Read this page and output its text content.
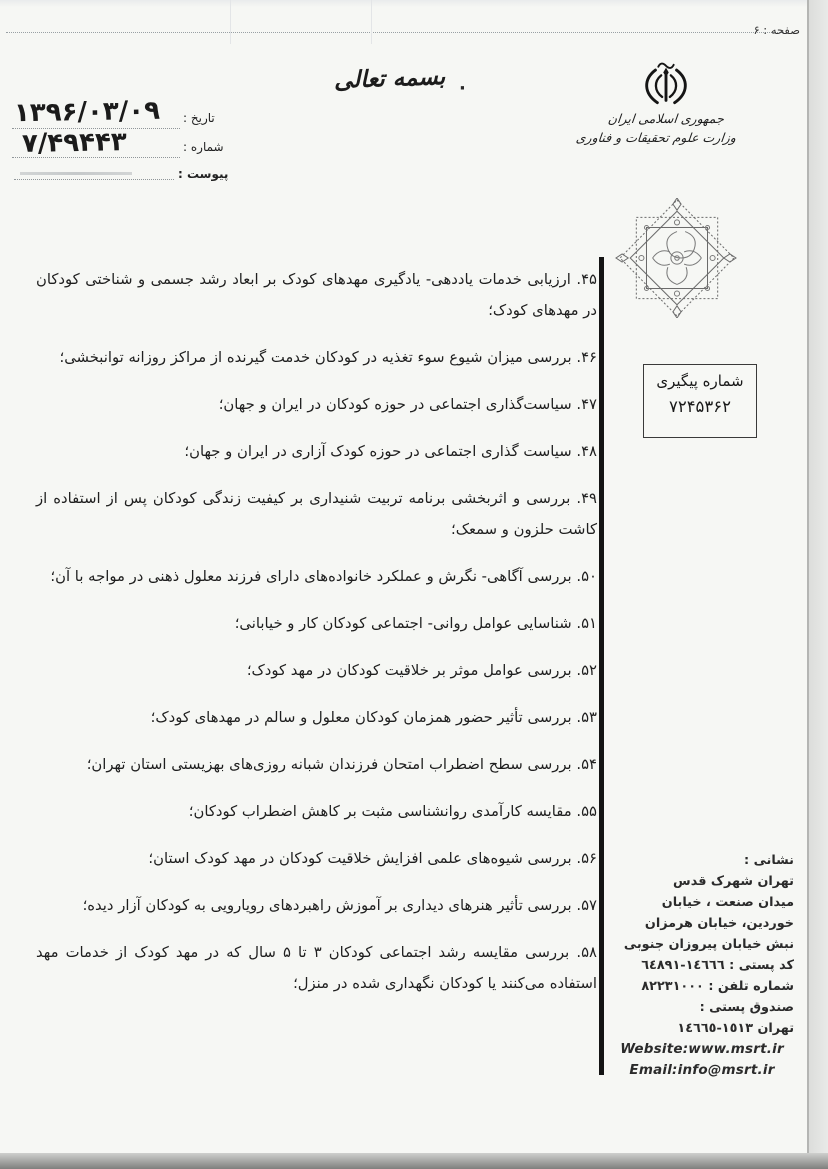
صفحه : ۶
بسمه تعالی ·
جمهوری اسلامی ایران
وزارت علوم تحقیقات و فناوری
تاریخ :
۱۳۹۶/۰۳/۰۹
شماره :
۷/۴۹۴۴۳
پیوست :
شماره پیگیری
۷۲۴۵۳۶۲

۴۵. ارزیابی خدمات یاددهی- یادگیری مهدهای کودک بر ابعاد رشد جسمی و شناختی کودکان در مهدهای کودک؛

۴۶. بررسی میزان شیوع سوء تغذیه در کودکان خدمت گیرنده از مراکز روزانه توانبخشی؛

۴۷. سیاست‌گذاری اجتماعی در حوزه کودکان در ایران و جهان؛

۴۸. سیاست گذاری اجتماعی در حوزه کودک آزاری در ایران و جهان؛

۴۹. بررسی و اثربخشی برنامه تربیت شنیداری بر کیفیت زندگی کودکان پس از استفاده از کاشت حلزون و سمعک؛

۵۰. بررسی آگاهی- نگرش و عملکرد خانواده‌های دارای فرزند معلول ذهنی در مواجه با آن؛

۵۱. شناسایی عوامل روانی- اجتماعی کودکان کار و خیابانی؛

۵۲. بررسی عوامل موثر بر خلاقیت کودکان در مهد کودک؛

۵۳. بررسی تأثیر حضور همزمان کودکان معلول و سالم در مهدهای کودک؛

۵۴. بررسی سطح اضطراب امتحان فرزندان شبانه روزی‌های بهزیستی استان تهران؛

۵۵. مقایسه کارآمدی روانشناسی مثبت بر کاهش اضطراب کودکان؛

۵۶. بررسی شیوه‌های علمی افزایش خلاقیت کودکان در مهد کودک استان؛

۵۷. بررسی تأثیر هنرهای دیداری بر آموزش راهبردهای رویارویی به کودکان آزار دیده؛

۵۸. بررسی مقایسه رشد اجتماعی کودکان ۳ تا ۵ سال که در مهد کودک از خدمات مهد استفاده می‌کنند یا کودکان نگهداری شده در منزل؛

نشانی :
تهران شهرک قدس
میدان صنعت ، خیابان
خوردین، خیابان هرمزان
نبش خیابان پیروزان جنوبی
کد پستی : ١٤٦٦٦-٦٤٨٩١
شماره تلفن : ٨٢٢٣١٠٠٠
صندوق پستی :
تهران ١٥١٣-١٤٦٦٥
Website:www.msrt.ir
Email:info@msrt.ir
